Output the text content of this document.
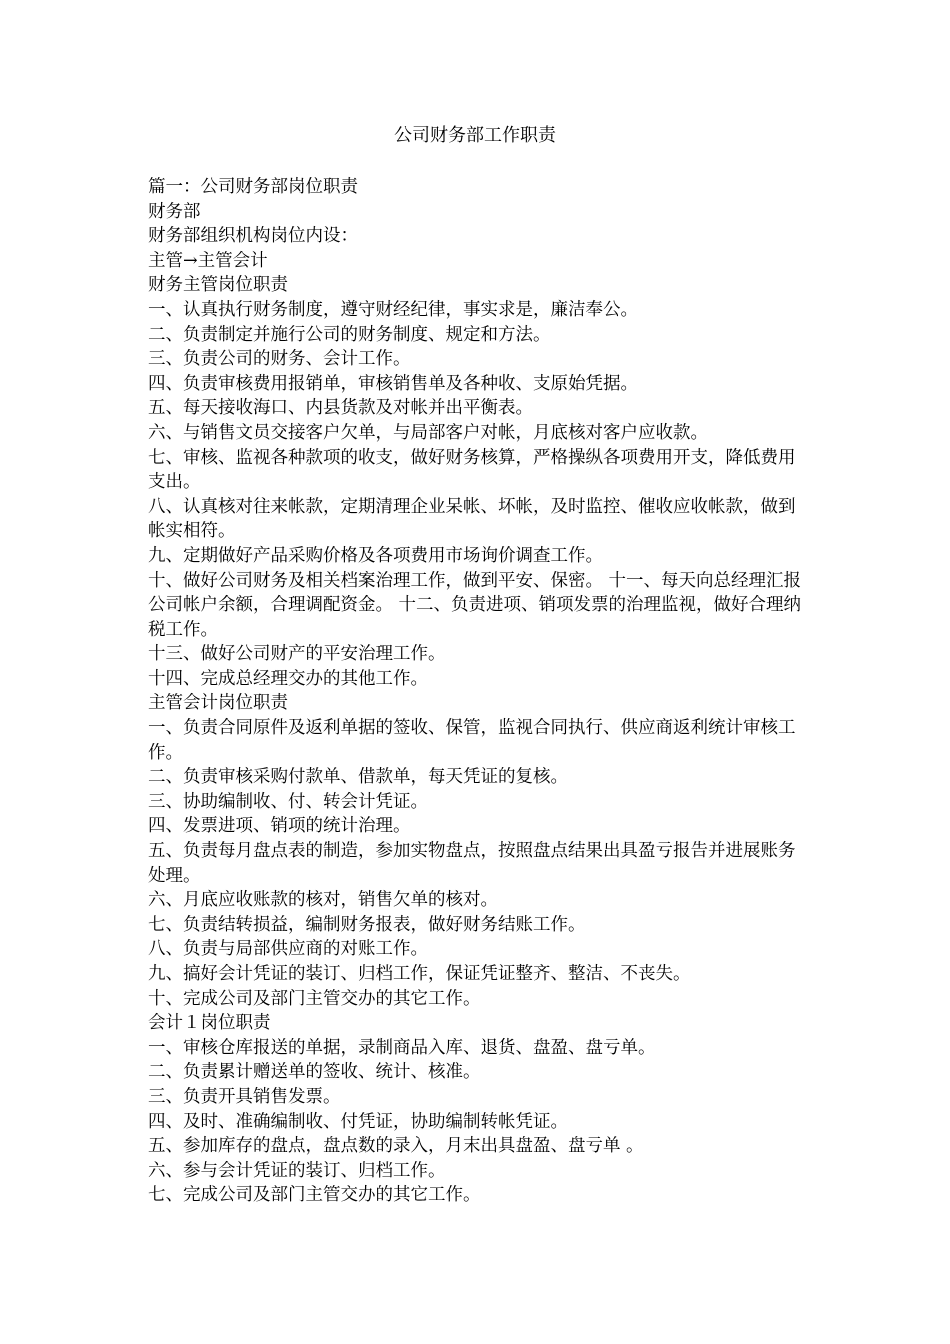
公司财务部工作职责

篇一：公司财务部岗位职责

财务部

财务部组织机构岗位内设：

主管→主管会计

财务主管岗位职责

一、认真执行财务制度，遵守财经纪律，事实求是，廉洁奉公。

二、负责制定并施行公司的财务制度、规定和方法。

三、负责公司的财务、会计工作。

四、负责审核费用报销单，审核销售单及各种收、支原始凭据。

五、每天接收海口、内县货款及对帐并出平衡表。

六、与销售文员交接客户欠单，与局部客户对帐，月底核对客户应收款。

七、审核、监视各种款项的收支，做好财务核算，严格操纵各项费用开支，降低费用支出。

八、认真核对往来帐款，定期清理企业呆帐、坏帐，及时监控、催收应收帐款，做到帐实相符。

九、定期做好产品采购价格及各项费用市场询价调查工作。

十、做好公司财务及相关档案治理工作，做到平安、保密。 十一、每天向总经理汇报公司帐户余额，合理调配资金。 十二、负责进项、销项发票的治理监视，做好合理纳税工作。

十三、做好公司财产的平安治理工作。

十四、完成总经理交办的其他工作。

主管会计岗位职责

一、负责合同原件及返利单据的签收、保管，监视合同执行、供应商返利统计审核工作。

二、负责审核采购付款单、借款单，每天凭证的复核。

三、协助编制收、付、转会计凭证。

四、发票进项、销项的统计治理。

五、负责每月盘点表的制造，参加实物盘点，按照盘点结果出具盈亏报告并进展账务处理。

六、月底应收账款的核对，销售欠单的核对。

七、负责结转损益，编制财务报表，做好财务结账工作。

八、负责与局部供应商的对账工作。

九、搞好会计凭证的装订、归档工作，保证凭证整齐、整洁、不丧失。

十、完成公司及部门主管交办的其它工作。

会计１岗位职责

一、审核仓库报送的单据，录制商品入库、退货、盘盈、盘亏单。

二、负责累计赠送单的签收、统计、核准。

三、负责开具销售发票。

四、及时、准确编制收、付凭证，协助编制转帐凭证。

五、参加库存的盘点，盘点数的录入，月末出具盘盈、盘亏单 。

六、参与会计凭证的装订、归档工作。

七、完成公司及部门主管交办的其它工作。
